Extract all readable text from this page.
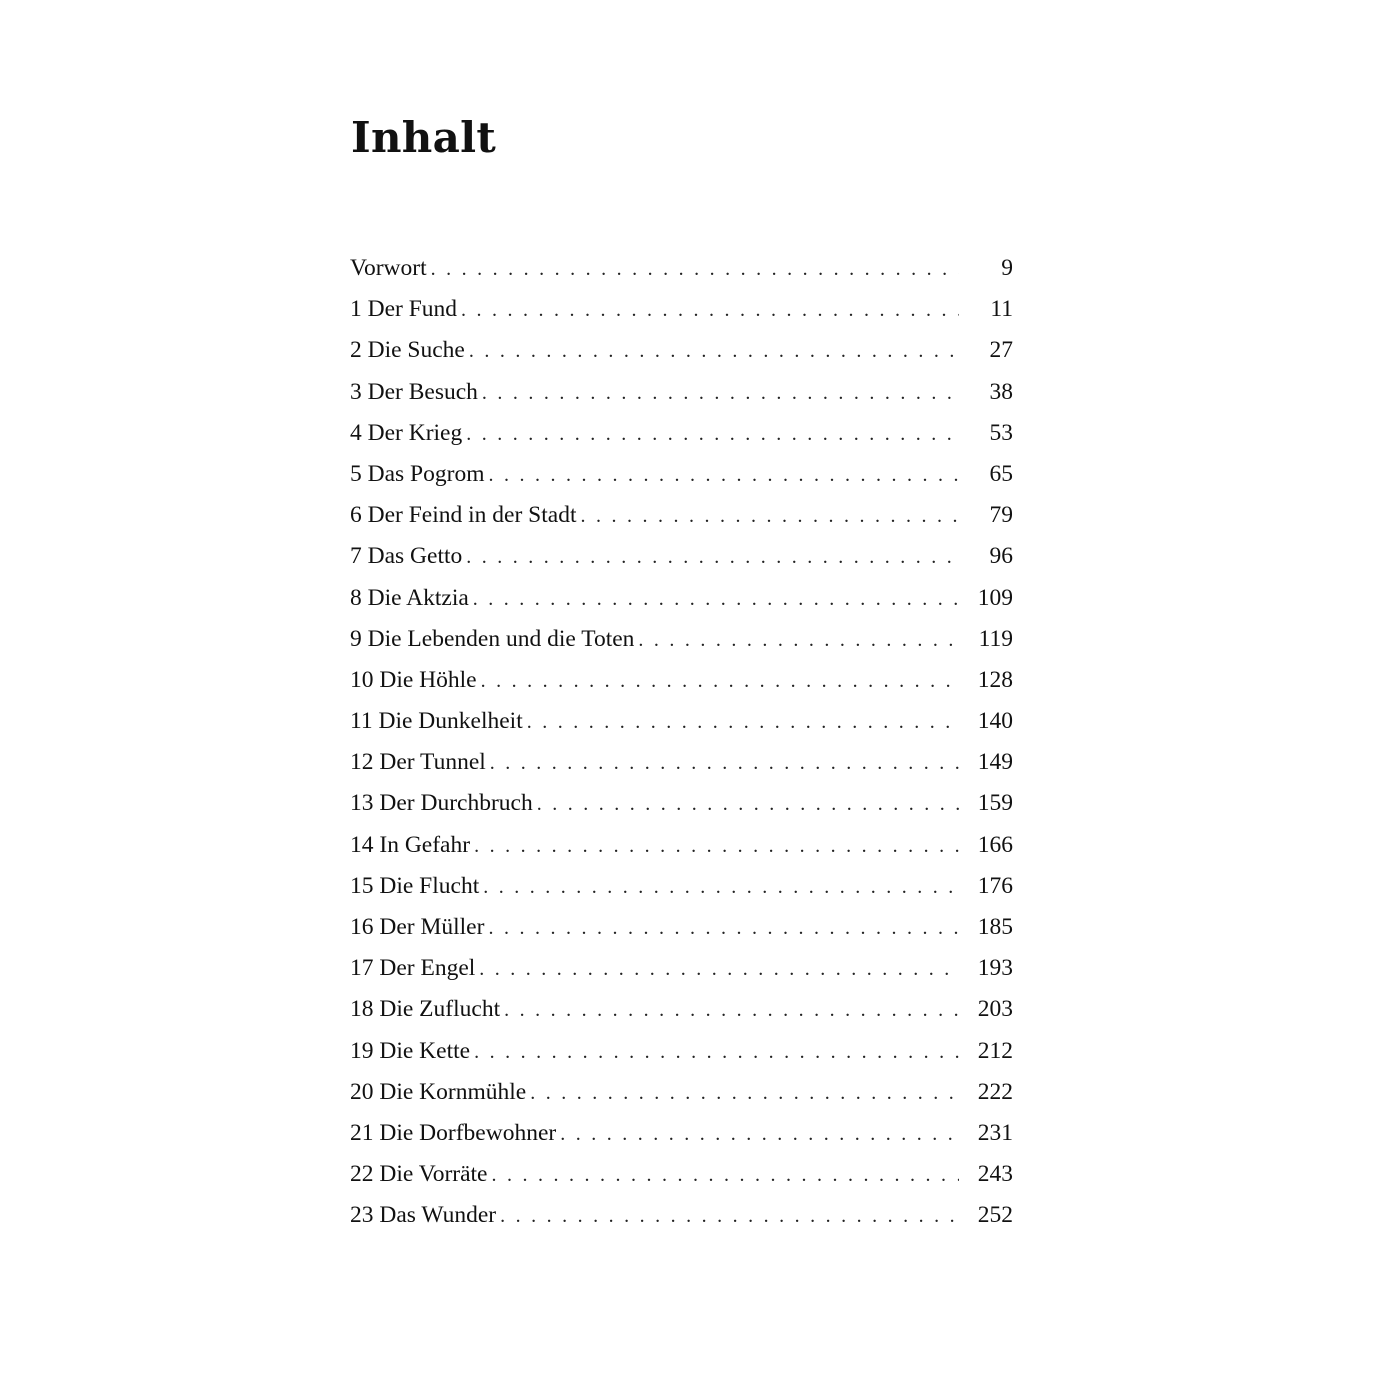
Inhalt
Vorwort . . .	9
1 Der Fund . . .	11
2 Die Suche . . .	27
3 Der Besuch . . .	38
4 Der Krieg . . .	53
5 Das Pogrom . . .	65
6 Der Feind in der Stadt . . .	79
7 Das Getto . . .	96
8 Die Aktzia . . .	109
9 Die Lebenden und die Toten . . .	119
10 Die Höhle . . .	128
11 Die Dunkelheit . . .	140
12 Der Tunnel . . .	149
13 Der Durchbruch . . .	159
14 In Gefahr . . .	166
15 Die Flucht . . .	176
16 Der Müller . . .	185
17 Der Engel . . .	193
18 Die Zuflucht . . .	203
19 Die Kette . . .	212
20 Die Kornmühle . . .	222
21 Die Dorfbewohner . . .	231
22 Die Vorräte . . .	243
23 Das Wunder . . .	252
